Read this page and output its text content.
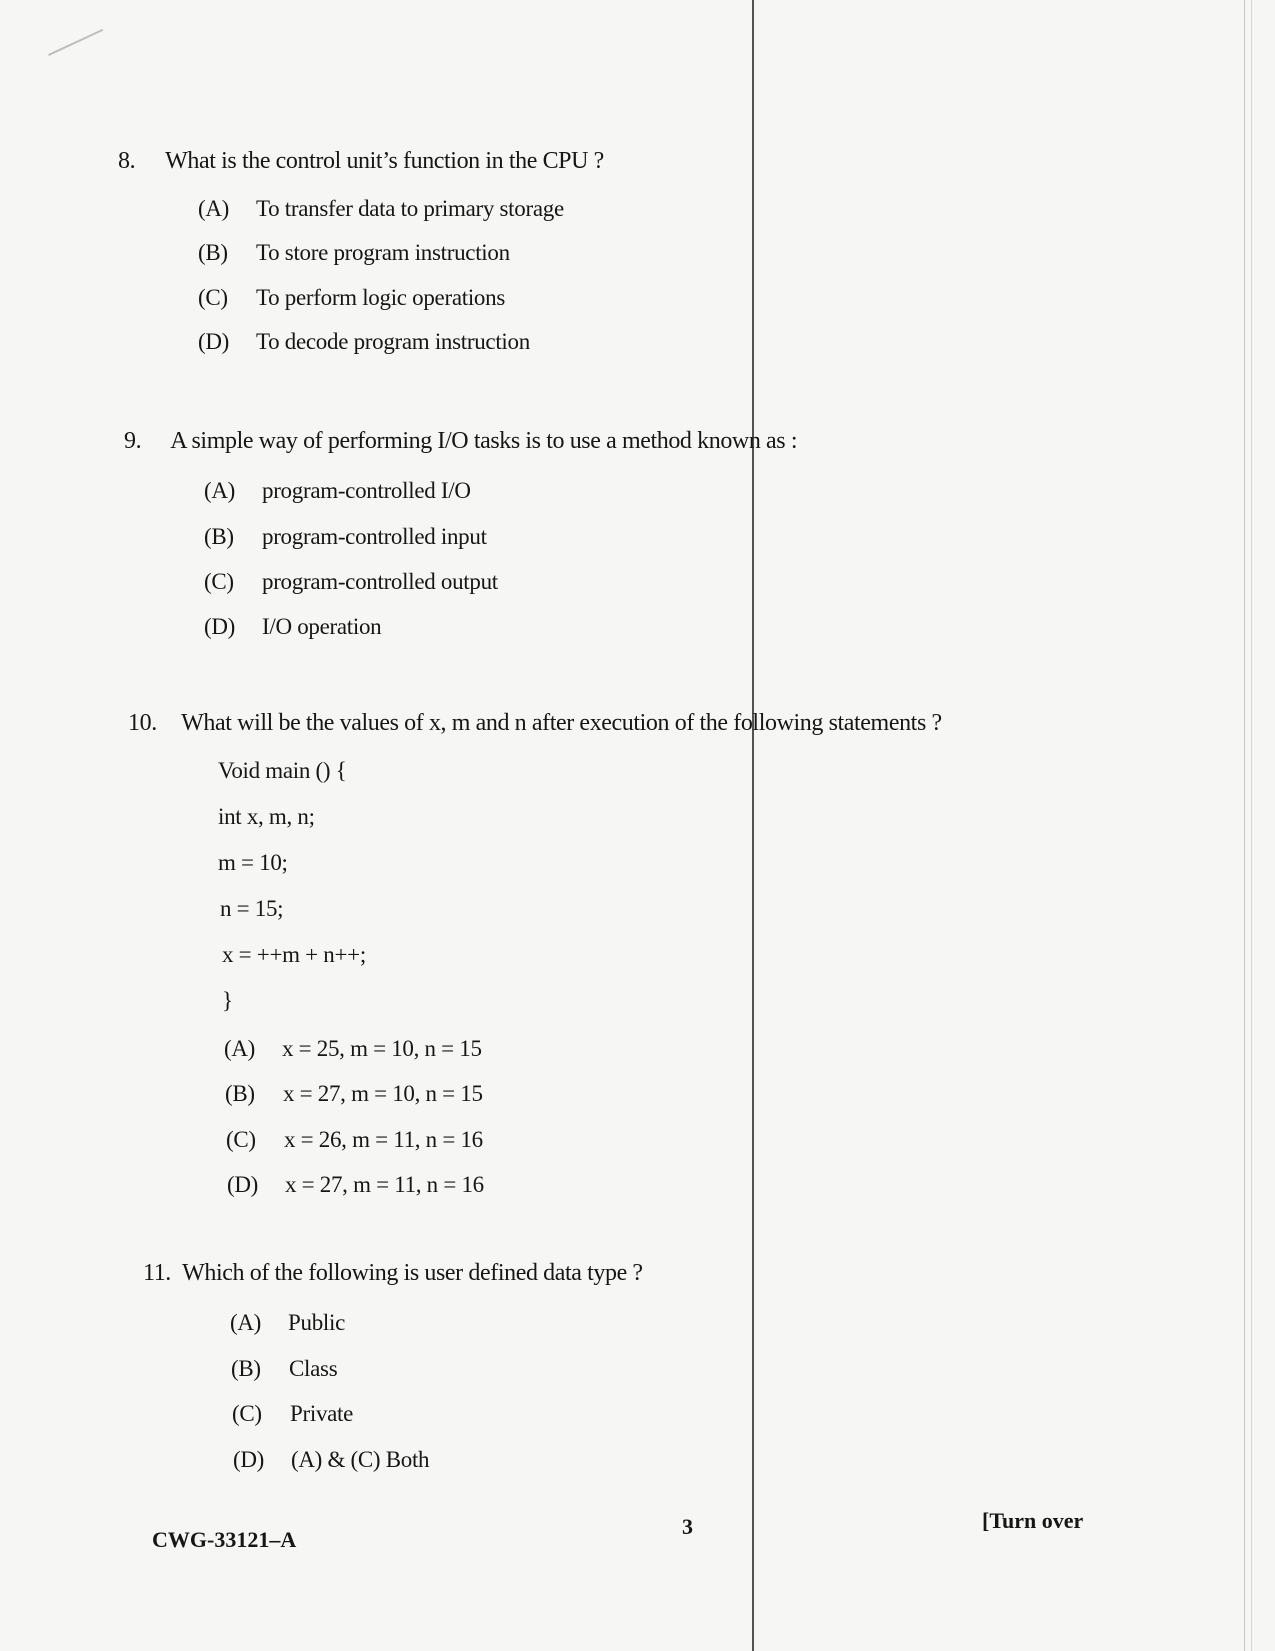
8. What is the control unit’s function in the CPU ?
(A) To transfer data to primary storage
(B) To store program instruction
(C) To perform logic operations
(D) To decode program instruction
9. A simple way of performing I/O tasks is to use a method known as :
(A) program-controlled I/O
(B) program-controlled input
(C) program-controlled output
(D) I/O operation
10. What will be the values of x, m and n after execution of the following statements ?
Void main () {
int x, m, n;
m = 10;
n = 15;
x = ++m + n++;
}
(A) x = 25, m = 10, n = 15
(B) x = 27, m = 10, n = 15
(C) x = 26, m = 11, n = 16
(D) x = 27, m = 11, n = 16
11. Which of the following is user defined data type ?
(A) Public
(B) Class
(C) Private
(D) (A) & (C) Both
CWG-33121–A
3	[Turn over
